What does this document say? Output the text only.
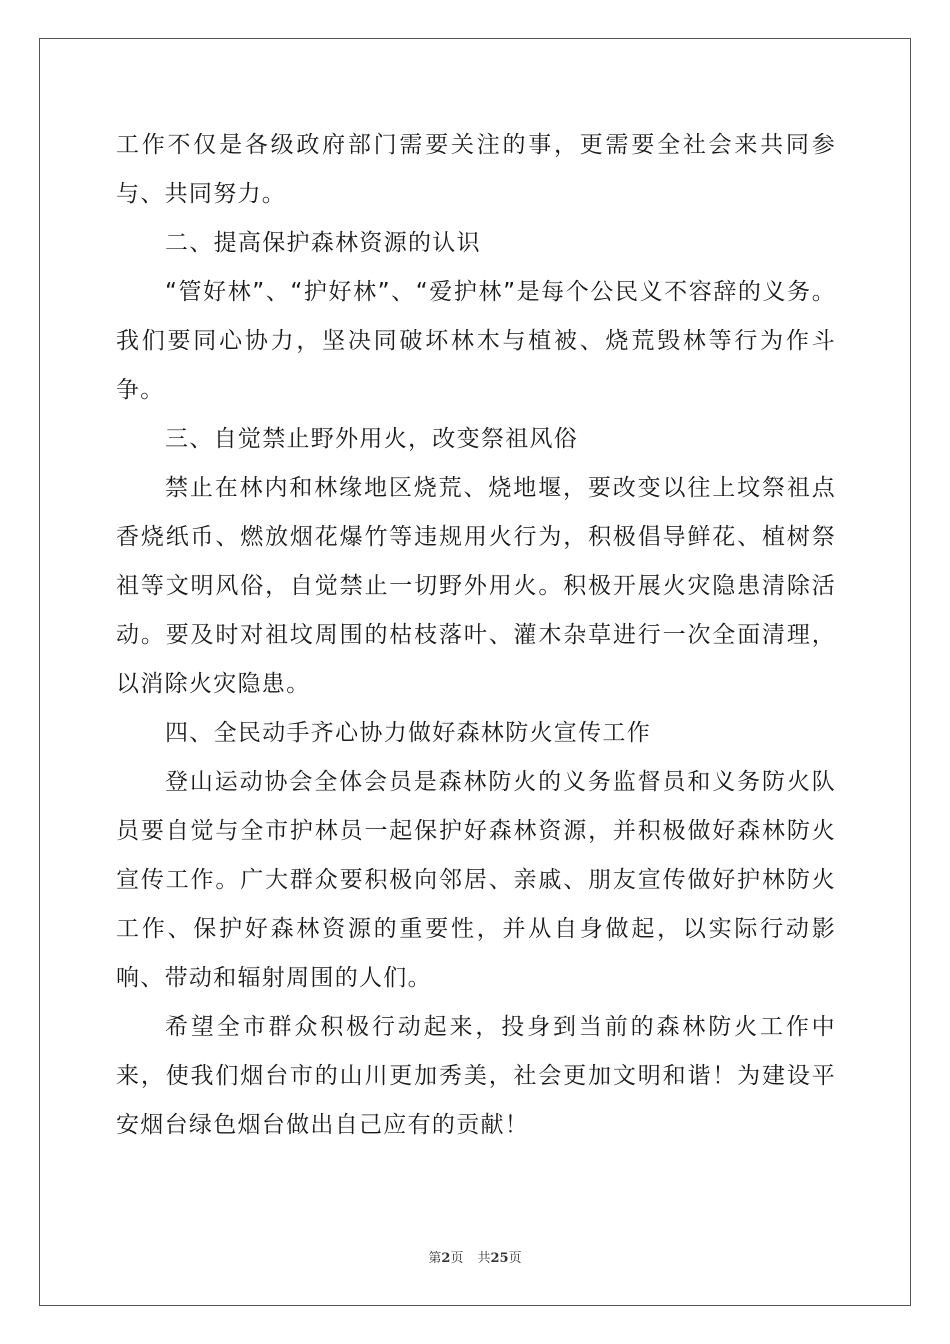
工作不仅是各级政府部门需要关注的事，更需要全社会来共同参与、共同努力。

二、提高保护森林资源的认识

“管好林”、“护好林”、“爱护林”是每个公民义不容辞的义务。我们要同心协力，坚决同破坏林木与植被、烧荒毁林等行为作斗争。

三、自觉禁止野外用火，改变祭祖风俗

禁止在林内和林缘地区烧荒、烧地堰，要改变以往上坟祭祖点香烧纸币、燃放烟花爆竹等违规用火行为，积极倡导鲜花、植树祭祖等文明风俗，自觉禁止一切野外用火。积极开展火灾隐患清除活动。要及时对祖坟周围的枯枝落叶、灌木杂草进行一次全面清理，以消除火灾隐患。

四、全民动手齐心协力做好森林防火宣传工作

登山运动协会全体会员是森林防火的义务监督员和义务防火队员要自觉与全市护林员一起保护好森林资源，并积极做好森林防火宣传工作。广大群众要积极向邻居、亲戚、朋友宣传做好护林防火工作、保护好森林资源的重要性，并从自身做起，以实际行动影响、带动和辐射周围的人们。

希望全市群众积极行动起来，投身到当前的森林防火工作中来，使我们烟台市的山川更加秀美，社会更加文明和谐！为建设平安烟台绿色烟台做出自己应有的贡献！

第2页 共25页
